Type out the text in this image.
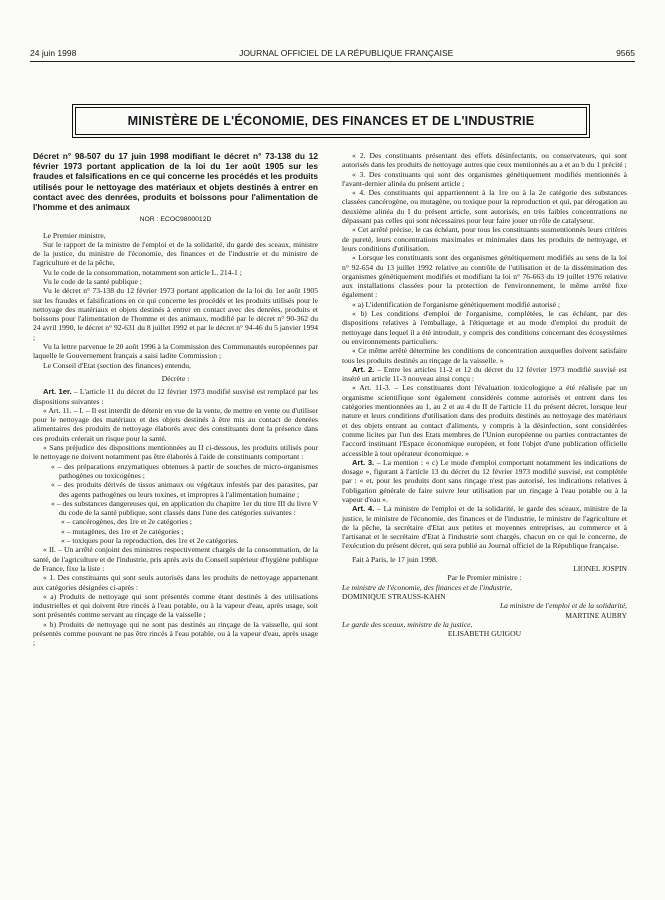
24 juin 1998	JOURNAL OFFICIEL DE LA RÉPUBLIQUE FRANÇAISE	9565
MINISTÈRE DE L'ÉCONOMIE, DES FINANCES ET DE L'INDUSTRIE

Décret n° 98-507 du 17 juin 1998 modifiant le décret n° 73-138 du 12 février 1973 portant application de la loi du 1er août 1905 sur les fraudes et falsifications en ce qui concerne les procédés et les produits utilisés pour le nettoyage des matériaux et objets destinés à entrer en contact avec des denrées, produits et boissons pour l'alimentation de l'homme et des animaux

NOR : ECOC9800012D

Le Premier ministre,

Sur le rapport de la ministre de l'emploi et de la solidarité, du garde des sceaux, ministre de la justice, du ministre de l'économie, des finances et de l'industrie et du ministre de l'agriculture et de la pêche,

Vu le code de la consommation, notamment son article L. 214-1 ;

Vu le code de la santé publique ;

Vu le décret n° 73-138 du 12 février 1973 portant application de la loi du 1er août 1905 sur les fraudes et falsifications en ce qui concerne les procédés et les produits utilisés pour le nettoyage des matériaux et objets destinés à entrer en contact avec des denrées, produits et boissons pour l'alimentation de l'homme et des animaux, modifié par le décret n° 90-362 du 24 avril 1990, le décret n° 92-631 du 8 juillet 1992 et par le décret n° 94-46 du 5 janvier 1994 ;

Vu la lettre parvenue le 20 août 1996 à la Commission des Communautés européennes par laquelle le Gouvernement français a saisi ladite Commission ;

Le Conseil d'Etat (section des finances) entendu,

Décrète :

Art. 1er. – L'article 11 du décret du 12 février 1973 modifié susvisé est remplacé par les dispositions suivantes :

« Art. 11. – I. – Il est interdit de détenir en vue de la vente, de mettre en vente ou d'utiliser pour le nettoyage des matériaux et des objets destinés à être mis au contact de denrées alimentaires des produits de nettoyage élaborés avec des constituants dont la présence dans ces produits créerait un risque pour la santé.

« Sans préjudice des dispositions mentionnées au II ci-dessous, les produits utilisés pour le nettoyage ne doivent notamment pas être élaborés à l'aide de constituants comportant :

« – des préparations enzymatiques obtenues à partir de souches de micro-organismes pathogènes ou toxicogènes ;

« – des produits dérivés de tissus animaux ou végétaux infestés par des parasites, par des agents pathogènes ou leurs toxines, et impropres à l'alimentation humaine ;

« – des substances dangereuses qui, en application du chapitre 1er du titre III du livre V du code de la santé publique, sont classés dans l'une des catégories suivantes :

« – cancérogènes, des 1re et 2e catégories ;

« – mutagènes, des 1re et 2e catégories ;

« – toxiques pour la reproduction, des 1re et 2e catégories.

« II. – Un arrêté conjoint des ministres respectivement chargés de la consommation, de la santé, de l'agriculture et de l'industrie, pris après avis du Conseil supérieur d'hygiène publique de France, fixe la liste :

« 1. Des constituants qui sont seuls autorisés dans les produits de nettoyage appartenant aux catégories désignées ci-après :

« a) Produits de nettoyage qui sont présentés comme étant destinés à des utilisations industrielles et qui doivent être rincés à l'eau potable, ou à la vapeur d'eau, après usage, soit sont présentés comme servant au rinçage de la vaisselle ;

« b) Produits de nettoyage qui ne sont pas destinés au rinçage de la vaisselle, qui sont présentés comme pouvant ne pas être rincés à l'eau potable, ou à la vapeur d'eau, après usage ;

« 2. Des constituants présentant des effets désinfectants, ou conservateurs, qui sont autorisés dans les produits de nettoyage autres que ceux mentionnés au a et au b du 1 précité ;

« 3. Des constituants qui sont des organismes génétiquement modifiés mentionnés à l'avant-dernier alinéa du présent article ;

« 4. Des constituants qui appartiennent à la 1re ou à la 2e catégorie des substances classées cancérogène, ou mutagène, ou toxique pour la reproduction et qui, par dérogation au deuxième alinéa du I du présent article, sont autorisés, en très faibles concentrations ne dépassant pas celles qui sont nécessaires pour leur faire jouer un rôle de catalyseur.

« Cet arrêté précise, le cas échéant, pour tous les constituants susmentionnés leurs critères de pureté, leurs concentrations maximales et minimales dans les produits de nettoyage, et leurs conditions d'utilisation.

« Lorsque les constituants sont des organismes génétiquement modifiés au sens de la loi n° 92-654 du 13 juillet 1992 relative au contrôle de l'utilisation et de la dissémination des organismes génétiquement modifiés et modifiant la loi n° 76-663 du 19 juillet 1976 relative aux installations classées pour la protection de l'environnement, le même arrêté fixe également :

« a) L'identification de l'organisme génétiquement modifié autorisé ;

« b) Les conditions d'emploi de l'organisme, complétées, le cas échéant, par des dispositions relatives à l'emballage, à l'étiquetage et au mode d'emploi du produit de nettoyage dans lequel il a été introduit, y compris des conditions concernant des écosystèmes ou environnements particuliers.

« Ce même arrêté détermine les conditions de concentration auxquelles doivent satisfaire tous les produits destinés au rinçage de la vaisselle. »

Art. 2. – Entre les articles 11-2 et 12 du décret du 12 février 1973 modifié susvisé est inséré un article 11-3 nouveau ainsi conçu :

« Art. 11-3. – Les constituants dont l'évaluation toxicologique a été réalisée par un organisme scientifique sont également considérés comme autorisés et entrent dans les catégories mentionnées au 1, au 2 et au 4 du II de l'article 11 du présent décret, lorsque leur nature et leurs conditions d'utilisation dans des produits destinés au nettoyage des matériaux et des objets entrant au contact d'aliments, y compris à la désinfection, sont considérées comme licites par l'un des Etats membres de l'Union européenne ou parties contractantes de l'accord instituant l'Espace économique européen, et font l'objet d'une publication officielle accessible à tout opérateur économique. »

Art. 3. – La mention : « c) Le mode d'emploi comportant notamment les indications de dosage », figurant à l'article 13 du décret du 12 février 1973 modifié susvisé, est complétée par : « et, pour les produits dont sans rinçage n'est pas autorisé, les indications relatives à l'obligation générale de faire suivre leur utilisation par un rinçage à l'eau potable ou à la vapeur d'eau ».

Art. 4. – La ministre de l'emploi et de la solidarité, le garde des sceaux, ministre de la justice, le ministre de l'économie, des finances et de l'industrie, le ministre de l'agriculture et de la pêche, la secrétaire d'Etat aux petites et moyennes entreprises, au commerce et à l'artisanat et le secrétaire d'Etat à l'industrie sont chargés, chacun en ce qui le concerne, de l'exécution du présent décret, qui sera publié au Journal officiel de la République française.

Fait à Paris, le 17 juin 1998.

LIONEL JOSPIN

Par le Premier ministre :

Le ministre de l'économie, des finances et de l'industrie,

DOMINIQUE STRAUSS-KAHN

La ministre de l'emploi et de la solidarité,

MARTINE AUBRY

Le garde des sceaux, ministre de la justice,

ELISABETH GUIGOU
